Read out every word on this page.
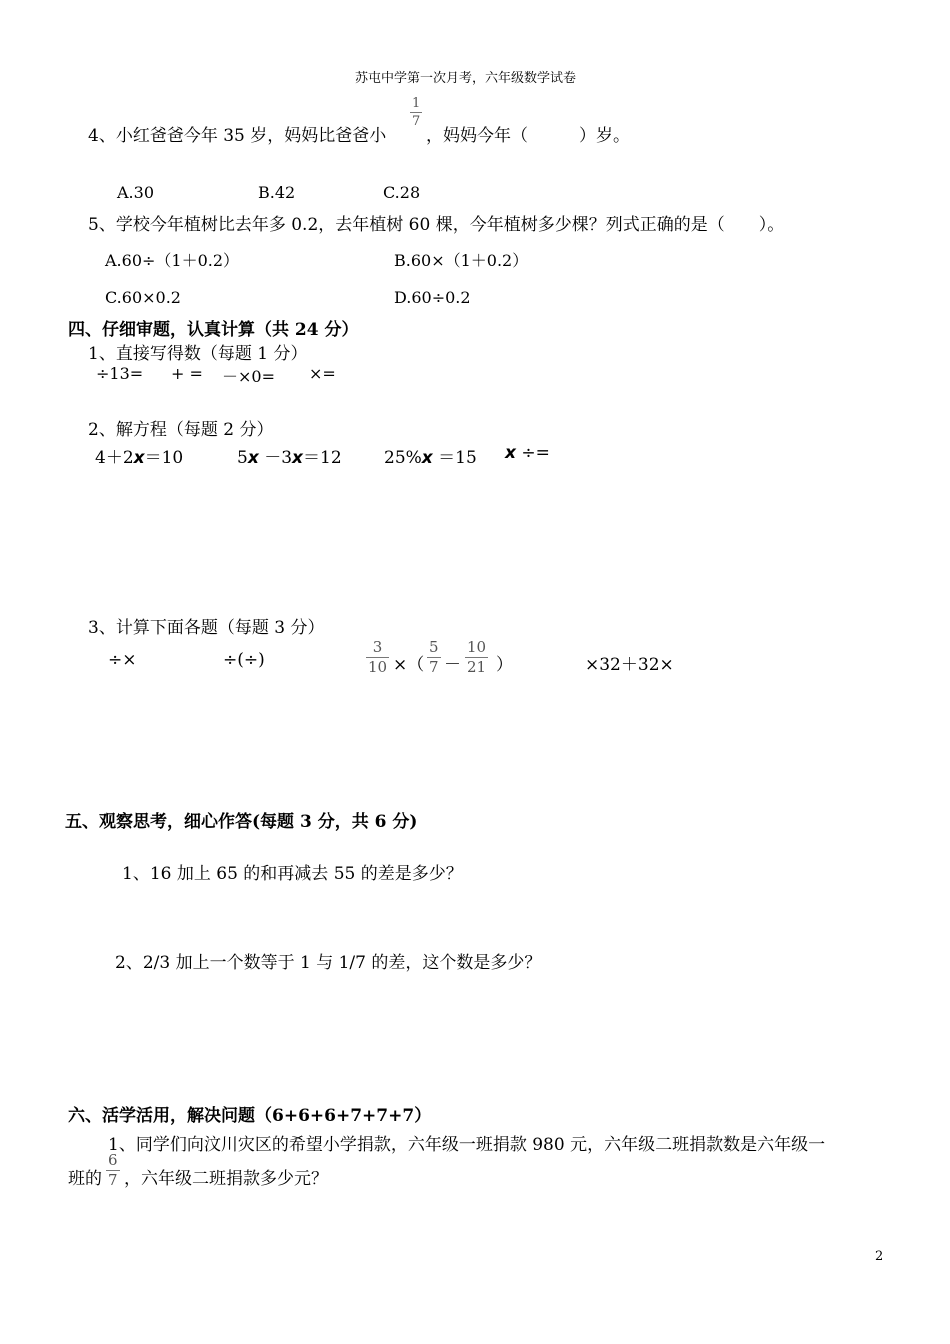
苏屯中学第一次月考，六年级数学试卷
4、小红爸爸今年 35 岁，妈妈比爸爸小
1
7
，妈妈今年（　　　）岁。
A.30	B.42	C.28
5、学校今年植树比去年多 0.2，去年植树 60 棵，今年植树多少棵？列式正确的是（　　）。
A.60÷（1＋0.2）	B.60×（1＋0.2）
C.60×0.2	D.60÷0.2
四、仔细审题，认真计算（共 24 分）
1、直接写得数（每题 1 分）
÷13= + = －×0= ×=
2、解方程（每题 2 分）
4＋2x＝10	5x －3x＝12 25%x ＝15 x ÷=
3、计算下面各题（每题 3 分）
÷×	÷(÷)
3
10 ×（
5
7 －
10
21 ）	×32＋32×
五、观察思考，细心作答(每题 3 分，共 6 分)
1、16 加上 65 的和再减去 55 的差是多少？
2、2/3 加上一个数等于 1 与 1/7 的差，这个数是多少？
六、活学活用，解决问题（6+6+6+7+7+7）
1、同学们向汶川灾区的希望小学捐款，六年级一班捐款 980 元，六年级二班捐款数是六年级一
班的
6
7 ，六年级二班捐款多少元？
2
